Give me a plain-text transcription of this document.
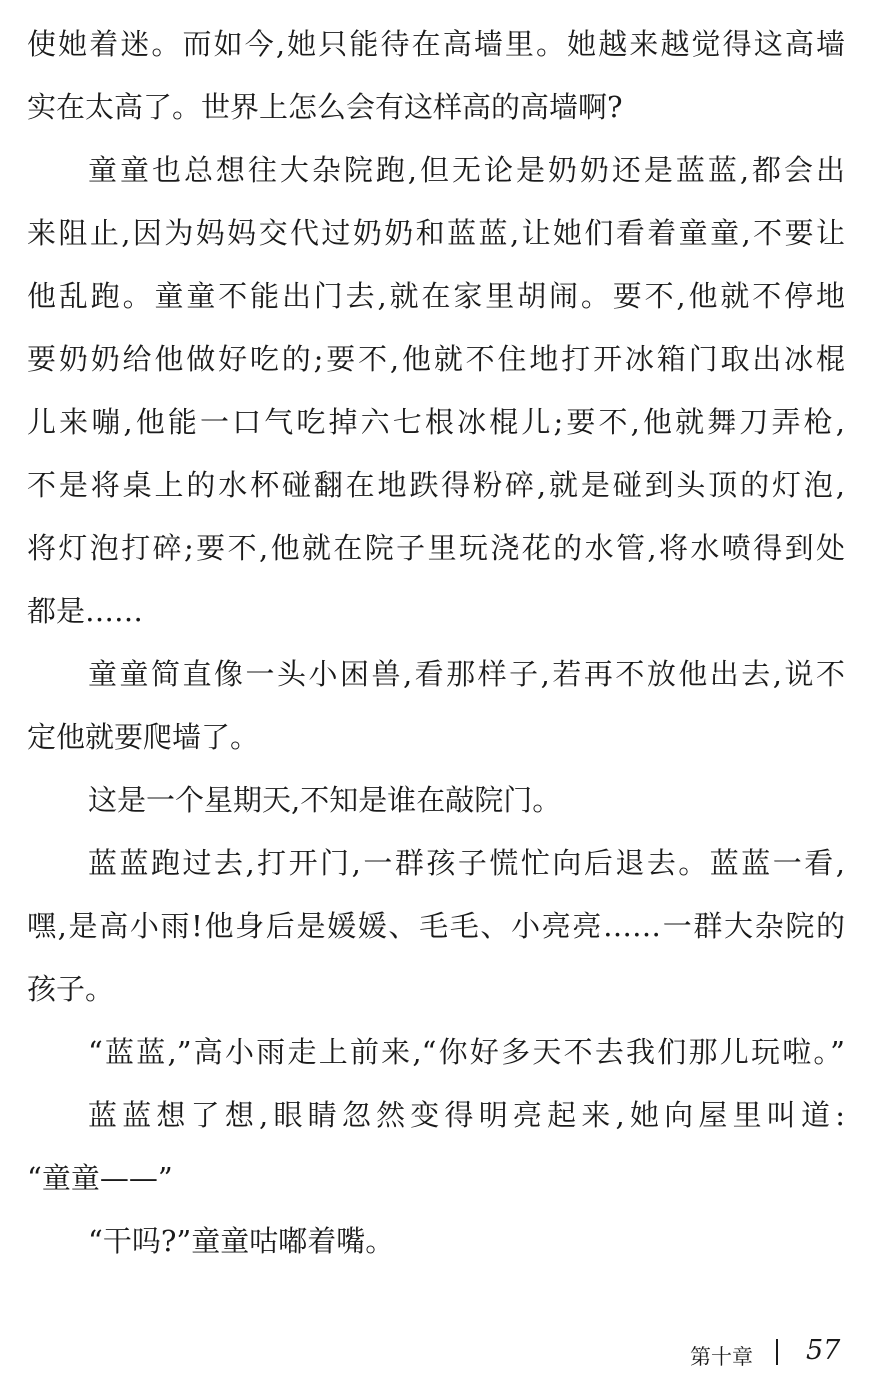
使她着迷。而如今,她只能待在高墙里。她越来越觉得这高墙
实在太高了。世界上怎么会有这样高的高墙啊?
童童也总想往大杂院跑,但无论是奶奶还是蓝蓝,都会出
来阻止,因为妈妈交代过奶奶和蓝蓝,让她们看着童童,不要让
他乱跑。童童不能出门去,就在家里胡闹。要不,他就不停地
要奶奶给他做好吃的;要不,他就不住地打开冰箱门取出冰棍
儿来嘣,他能一口气吃掉六七根冰棍儿;要不,他就舞刀弄枪,
不是将桌上的水杯碰翻在地跌得粉碎,就是碰到头顶的灯泡,
将灯泡打碎;要不,他就在院子里玩浇花的水管,将水喷得到处
都是……
童童简直像一头小困兽,看那样子,若再不放他出去,说不
定他就要爬墙了。
这是一个星期天,不知是谁在敲院门。
蓝蓝跑过去,打开门,一群孩子慌忙向后退去。蓝蓝一看,
嘿,是高小雨!他身后是媛媛、毛毛、小亮亮……一群大杂院的
孩子。
“蓝蓝,”高小雨走上前来,“你好多天不去我们那儿玩啦。”
蓝蓝想了想,眼睛忽然变得明亮起来,她向屋里叫道:
“童童——”
“干吗?”童童咕嘟着嘴。
第十章 57
